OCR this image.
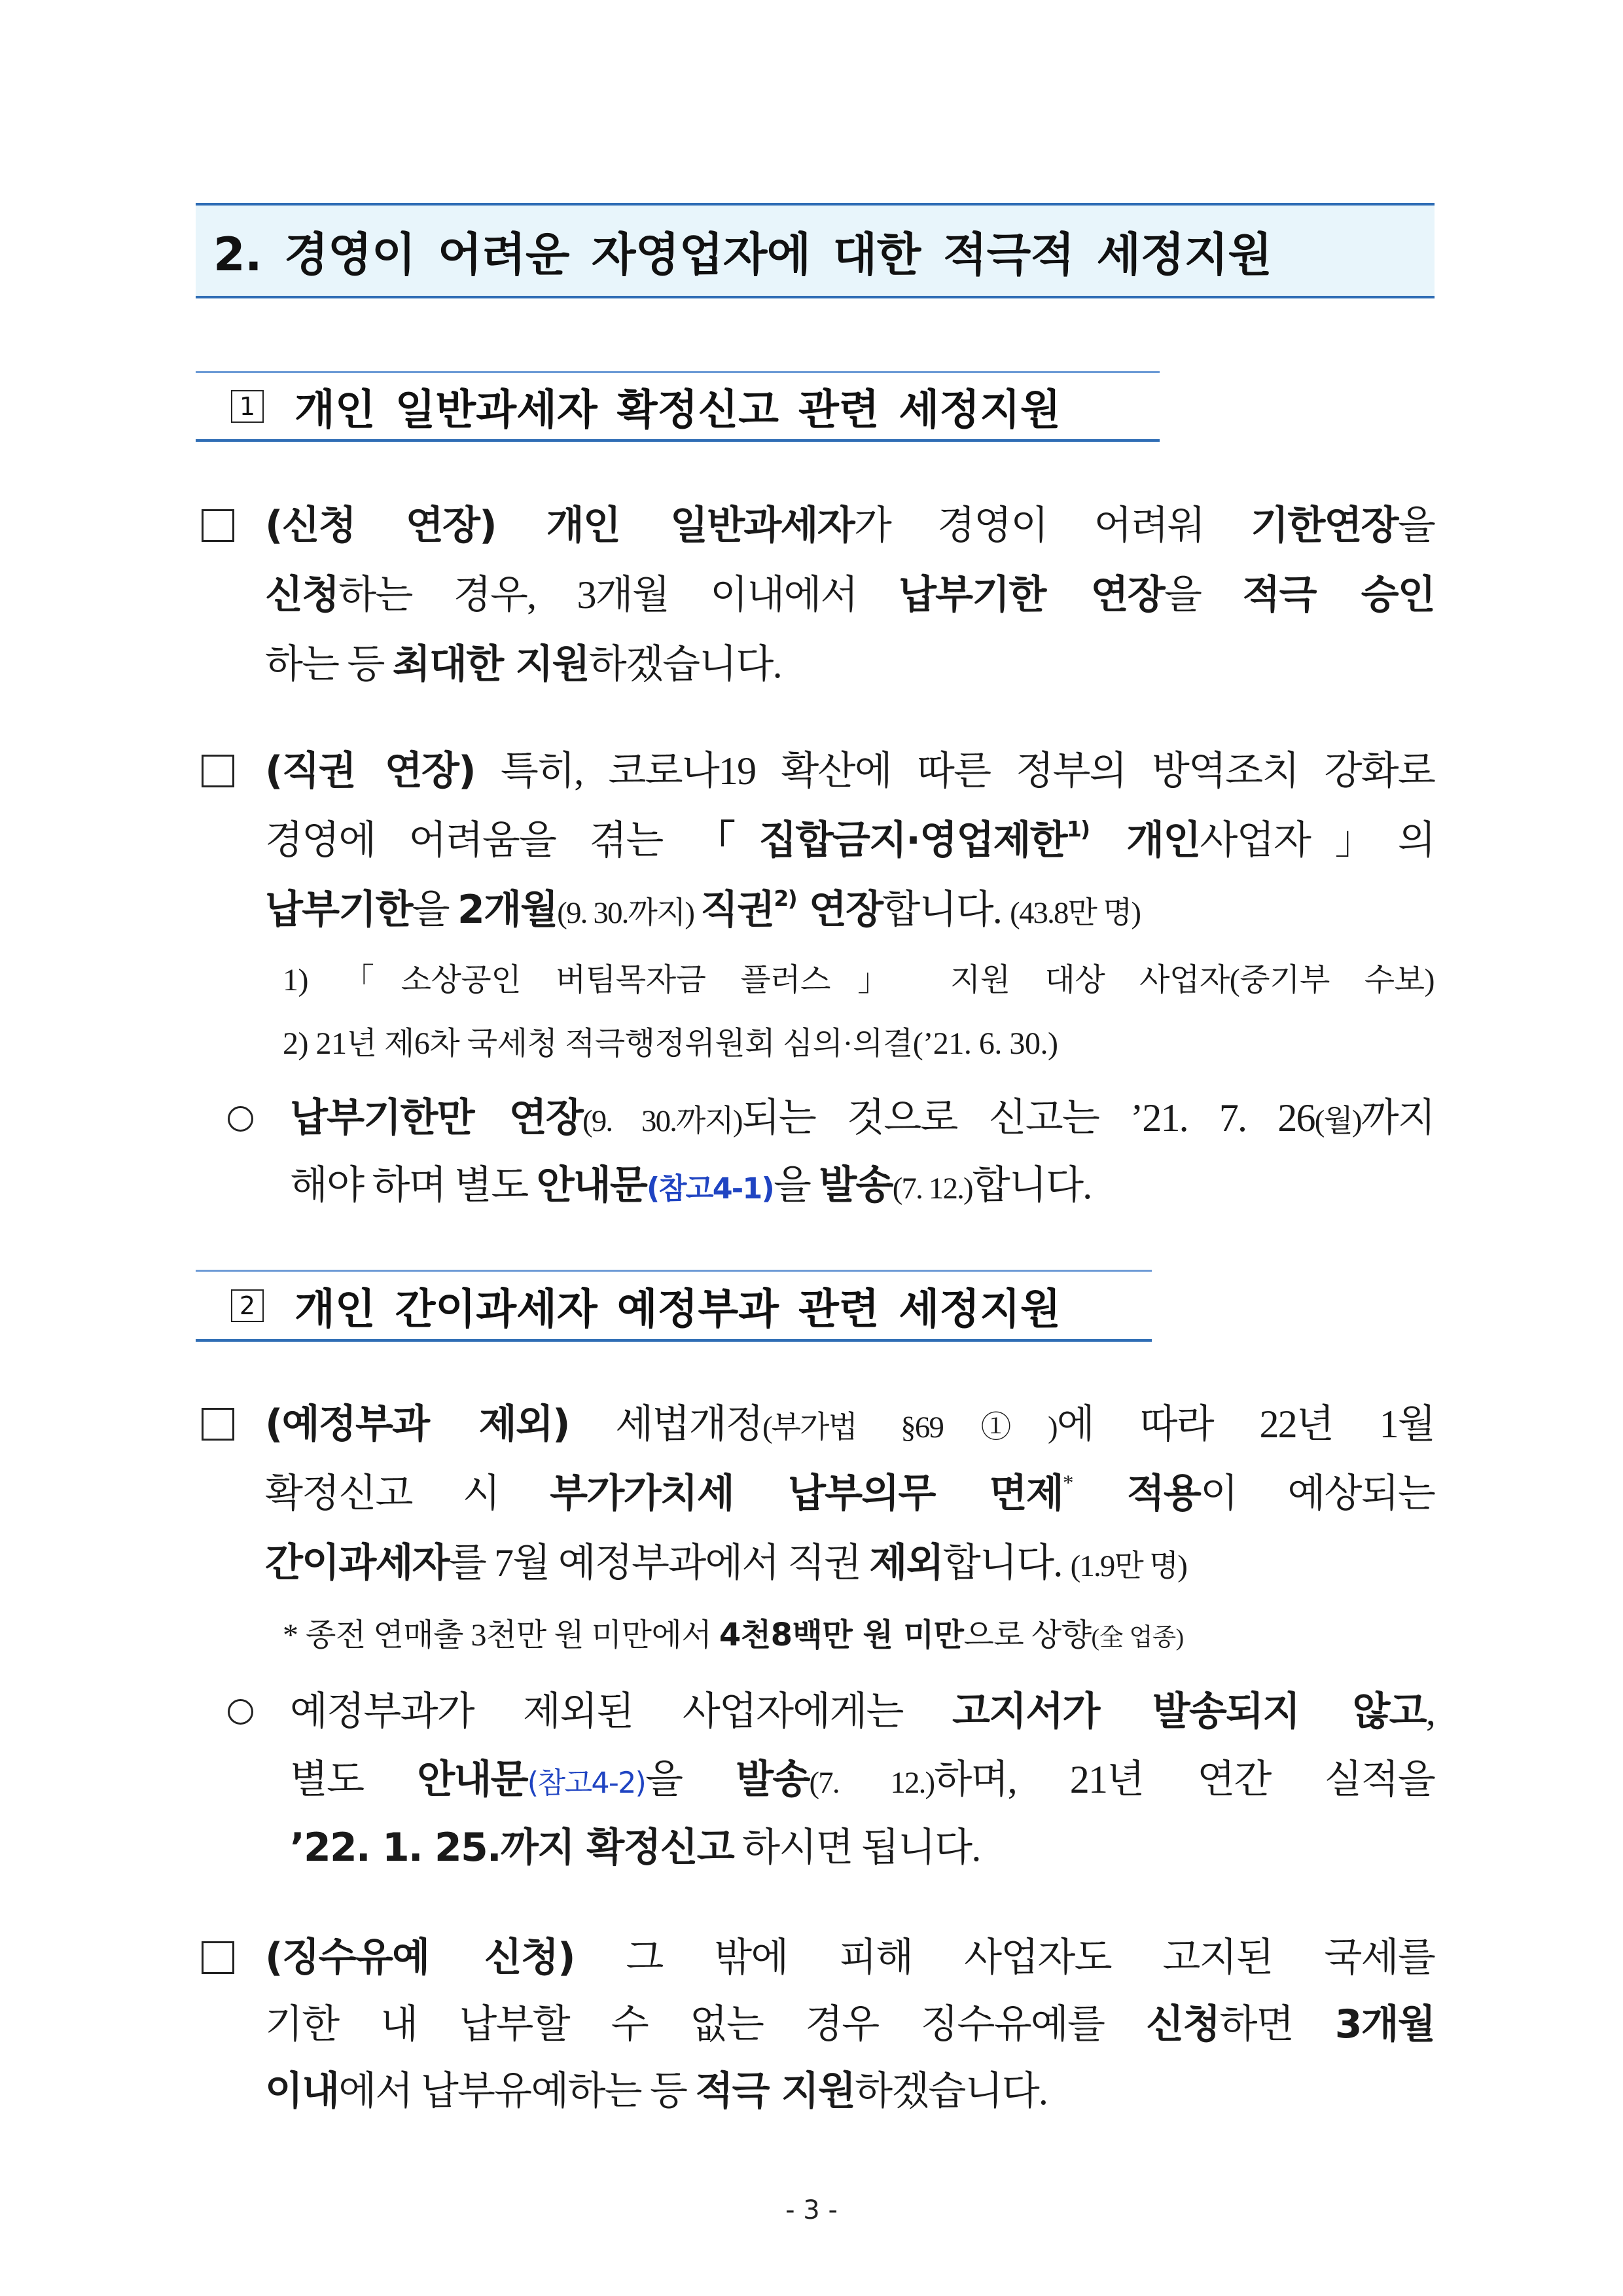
2. 경영이 어려운 자영업자에 대한 적극적 세정지원
1 개인 일반과세자 확정신고 관련 세정지원
(신청 연장) 개인 일반과세자가 경영이 어려워 기한연장을
신청하는 경우, 3개월 이내에서 납부기한 연장을 적극 승인
하는 등 최대한 지원하겠습니다.
(직권 연장) 특히, 코로나19 확산에 따른 정부의 방역조치 강화로
경영에 어려움을 겪는 「집합금지·영업제한$^{1)}$ 개인사업자」의
납부기한을 2개월(9. 30.까지) 직권$^{2)}$ 연장합니다. (43.8만 명)
1) 「소상공인 버팀목자금 플러스」 지원 대상 사업자(중기부 수보)
2) 21년 제6차 국세청 적극행정위원회 심의·의결(’21. 6. 30.)
납부기한만 연장(9. 30.까지)되는 것으로 신고는 ’21. 7. 26(월)까지
해야 하며 별도 안내문(참고4-1)을 발송(7. 12.)합니다.
2 개인 간이과세자 예정부과 관련 세정지원
(예정부과 제외) 세법개정(부가법 §69①)에 따라 22년 1월
확정신고 시 부가가치세 납부의무 면제* 적용이 예상되는
간이과세자를 7월 예정부과에서 직권 제외합니다. (1.9만 명)
* 종전 연매출 3천만 원 미만에서 4천8백만 원 미만으로 상향(全 업종)
예정부과가 제외된 사업자에게는 고지서가 발송되지 않고,
별도 안내문(참고4-2)을 발송(7. 12.)하며, 21년 연간 실적을
’22. 1. 25.까지 확정신고 하시면 됩니다.
(징수유예 신청) 그 밖에 피해 사업자도 고지된 국세를
기한 내 납부할 수 없는 경우 징수유예를 신청하면 3개월
이내에서 납부유예하는 등 적극 지원하겠습니다.
- 3 -
